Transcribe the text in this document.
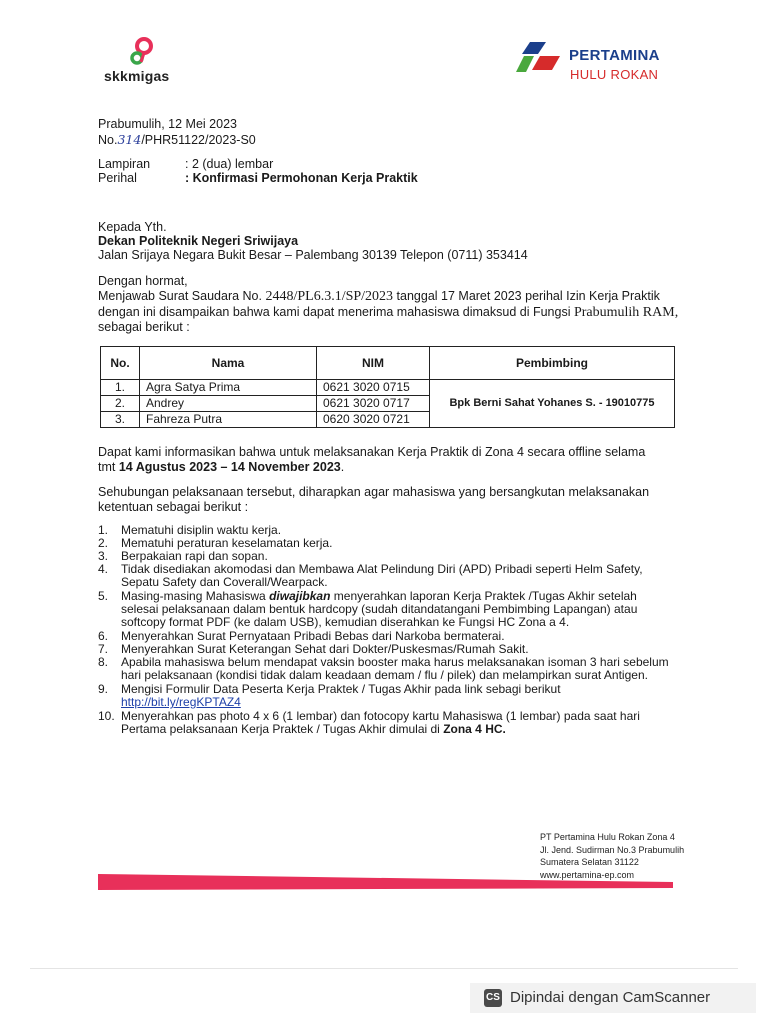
skkmigas
PERTAMINA
HULU ROKAN
Prabumulih, 12 Mei 2023
No.314/PHR51122/2023-S0
Lampiran	: 2 (dua) lembar
Perihal	: Konfirmasi Permohonan Kerja Praktik
Kepada Yth.
Dekan Politeknik Negeri Sriwijaya
Jalan Srijaya Negara Bukit Besar – Palembang 30139 Telepon (0711) 353414
Dengan hormat,
Menjawab Surat Saudara No. 2448/PL6.3.1/SP/2023 tanggal 17 Maret 2023 perihal Izin Kerja Praktik
dengan ini disampaikan bahwa kami dapat menerima mahasiswa dimaksud di Fungsi Prabumulih RAM,
sebagai berikut :
No.	Nama	NIM	Pembimbing
1.	Agra Satya Prima	0621 3020 0715	Bpk Berni Sahat Yohanes S. - 19010775
2.	Andrey	0621 3020 0717	
3.	Fahreza Putra	0620 3020 0721	
Dapat kami informasikan bahwa untuk melaksanakan Kerja Praktik di Zona 4 secara offline selama
tmt 14 Agustus 2023 – 14 November 2023.
Sehubungan pelaksanaan tersebut, diharapkan agar mahasiswa yang bersangkutan melaksanakan
ketentuan sebagai berikut :
1. Mematuhi disiplin waktu kerja.
2. Mematuhi peraturan keselamatan kerja.
3. Berpakaian rapi dan sopan.
4. Tidak disediakan akomodasi dan Membawa Alat Pelindung Diri (APD) Pribadi seperti Helm Safety,
Sepatu Safety dan Coverall/Wearpack.
5. Masing-masing Mahasiswa diwajibkan menyerahkan laporan Kerja Praktek /Tugas Akhir setelah
selesai pelaksanaan dalam bentuk hardcopy (sudah ditandatangani Pembimbing Lapangan) atau
softcopy format PDF (ke dalam USB), kemudian diserahkan ke Fungsi HC Zona a 4.
6. Menyerahkan Surat Pernyataan Pribadi Bebas dari Narkoba bermaterai.
7. Menyerahkan Surat Keterangan Sehat dari Dokter/Puskesmas/Rumah Sakit.
8. Apabila mahasiswa belum mendapat vaksin booster maka harus melaksanakan isoman 3 hari sebelum
hari pelaksanaan (kondisi tidak dalam keadaan demam / flu / pilek) dan melampirkan surat Antigen.
9. Mengisi Formulir Data Peserta Kerja Praktek / Tugas Akhir pada link sebagi berikut
http://bit.ly/regKPTAZ4
10. Menyerahkan pas photo 4 x 6 (1 lembar) dan fotocopy kartu Mahasiswa (1 lembar) pada saat hari
Pertama pelaksanaan Kerja Praktek / Tugas Akhir dimulai di Zona 4 HC.
PT Pertamina Hulu Rokan Zona 4
Jl. Jend. Sudirman No.3 Prabumulih
Sumatera Selatan 31122
www.pertamina-ep.com
CS Dipindai dengan CamScanner
